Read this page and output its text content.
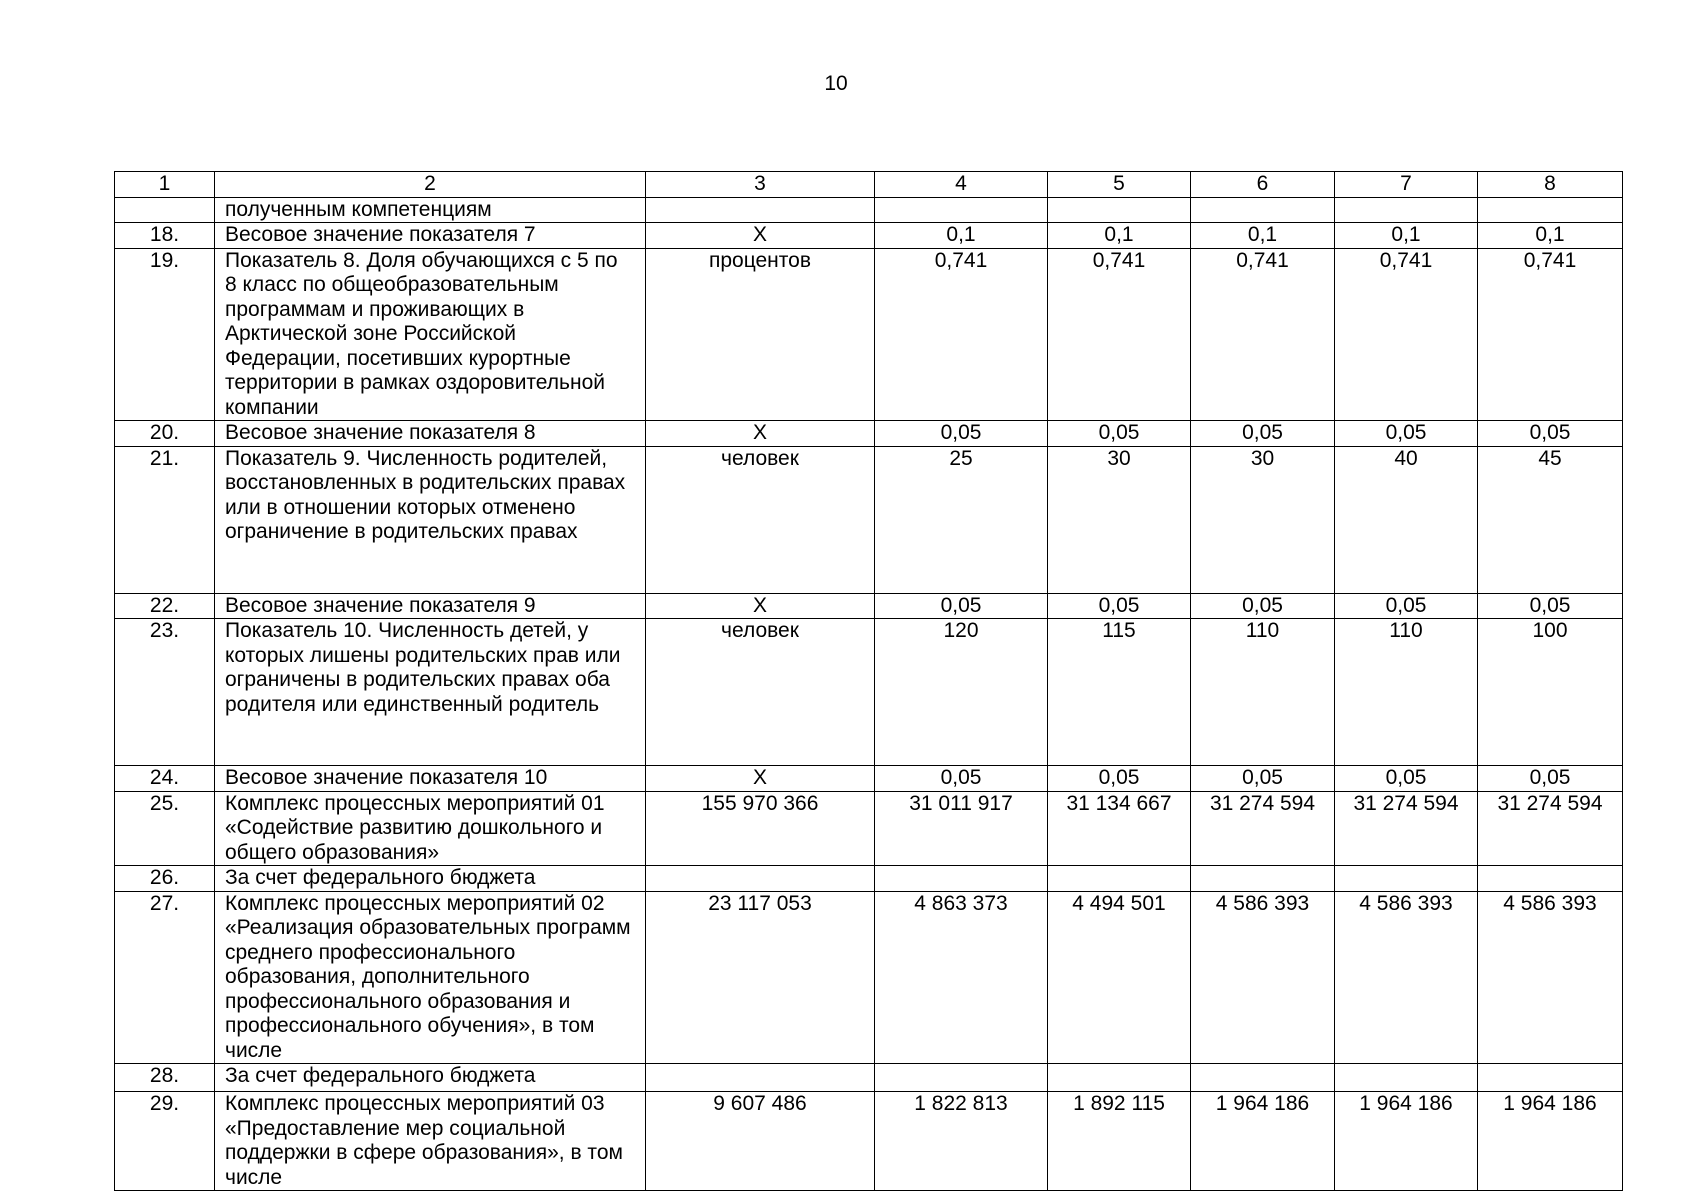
10
1	2	3	4	5	6	7	8
	полученным компетенциям						
18.	Весовое значение показателя 7	X	0,1	0,1	0,1	0,1	0,1
19.	Показатель 8. Доля обучающихся с 5 по 8 класс по общеобразовательным программам и проживающих в Арктической зоне Российской Федерации, посетивших курортные территории в рамках оздоровительной компании	процентов	0,741	0,741	0,741	0,741	0,741
20.	Весовое значение показателя 8	X	0,05	0,05	0,05	0,05	0,05
21.	Показатель 9. Численность родителей, восстановленных в родительских правах или в отношении которых отменено ограничение в родительских правах	человек	25	30	30	40	45
22.	Весовое значение показателя 9	X	0,05	0,05	0,05	0,05	0,05
23.	Показатель 10. Численность детей, у которых лишены родительских прав или ограничены в родительских правах оба родителя или единственный родитель	человек	120	115	110	110	100
24.	Весовое значение показателя 10	X	0,05	0,05	0,05	0,05	0,05
25.	Комплекс процессных мероприятий 01 «Содействие развитию дошкольного и общего образования»	155 970 366	31 011 917	31 134 667	31 274 594	31 274 594	31 274 594
26.	За счет федерального бюджета						
27.	Комплекс процессных мероприятий 02 «Реализация образовательных программ среднего профессионального образования, дополнительного профессионального образования и профессионального обучения», в том числе	23 117 053	4 863 373	4 494 501	4 586 393	4 586 393	4 586 393
28.	За счет федерального бюджета						
29.	Комплекс процессных мероприятий 03 «Предоставление мер социальной поддержки в сфере образования», в том числе	9 607 486	1 822 813	1 892 115	1 964 186	1 964 186	1 964 186
